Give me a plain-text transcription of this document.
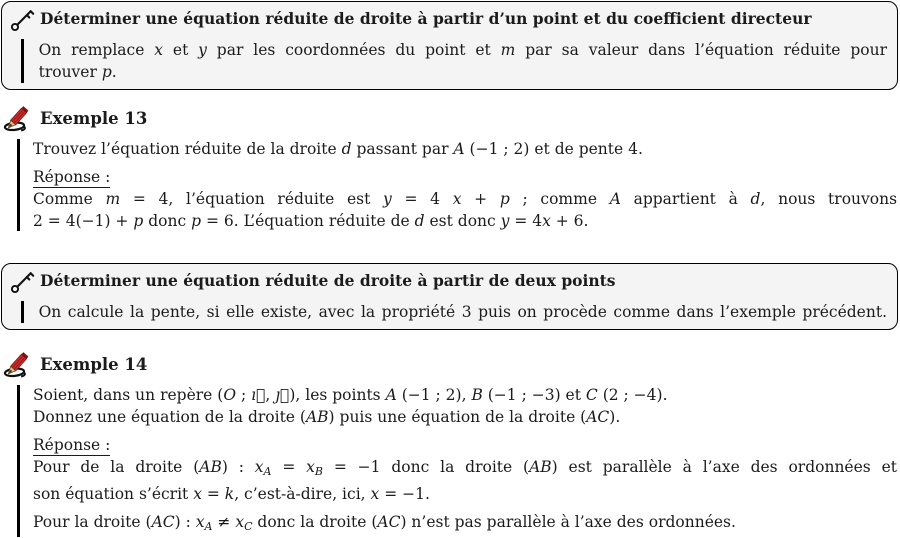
Déterminer une équation réduite de droite à partir d’un point et du coefficient directeur
On remplace x et y par les coordonnées du point et m par sa valeur dans l’équation réduite pour
trouver p.
Exemple 13
Trouvez l’équation réduite de la droite d passant par A (−1 ; 2) et de pente 4.
Réponse :
Comme m = 4, l’équation réduite est y = 4 x + p ; comme A appartient à d, nous trouvons
2 = 4(−1) + p donc p = 6. L’équation réduite de d est donc y = 4x + 6.
Déterminer une équation réduite de droite à partir de deux points
On calcule la pente, si elle existe, avec la propriété 3 puis on procède comme dans l’exemple précédent.
Exemple 14
Soient, dans un repère (O ; ı⃗, ȷ⃗), les points A (−1 ; 2), B (−1 ; −3) et C (2 ; −4).
Donnez une équation de la droite (AB) puis une équation de la droite (AC).
Réponse :
Pour de la droite (AB) : xA = xB = −1 donc la droite (AB) est parallèle à l’axe des ordonnées et
son équation s’écrit x = k, c’est-à-dire, ici, x = −1.
Pour la droite (AC) : xA ≠ xC donc la droite (AC) n’est pas parallèle à l’axe des ordonnées.
